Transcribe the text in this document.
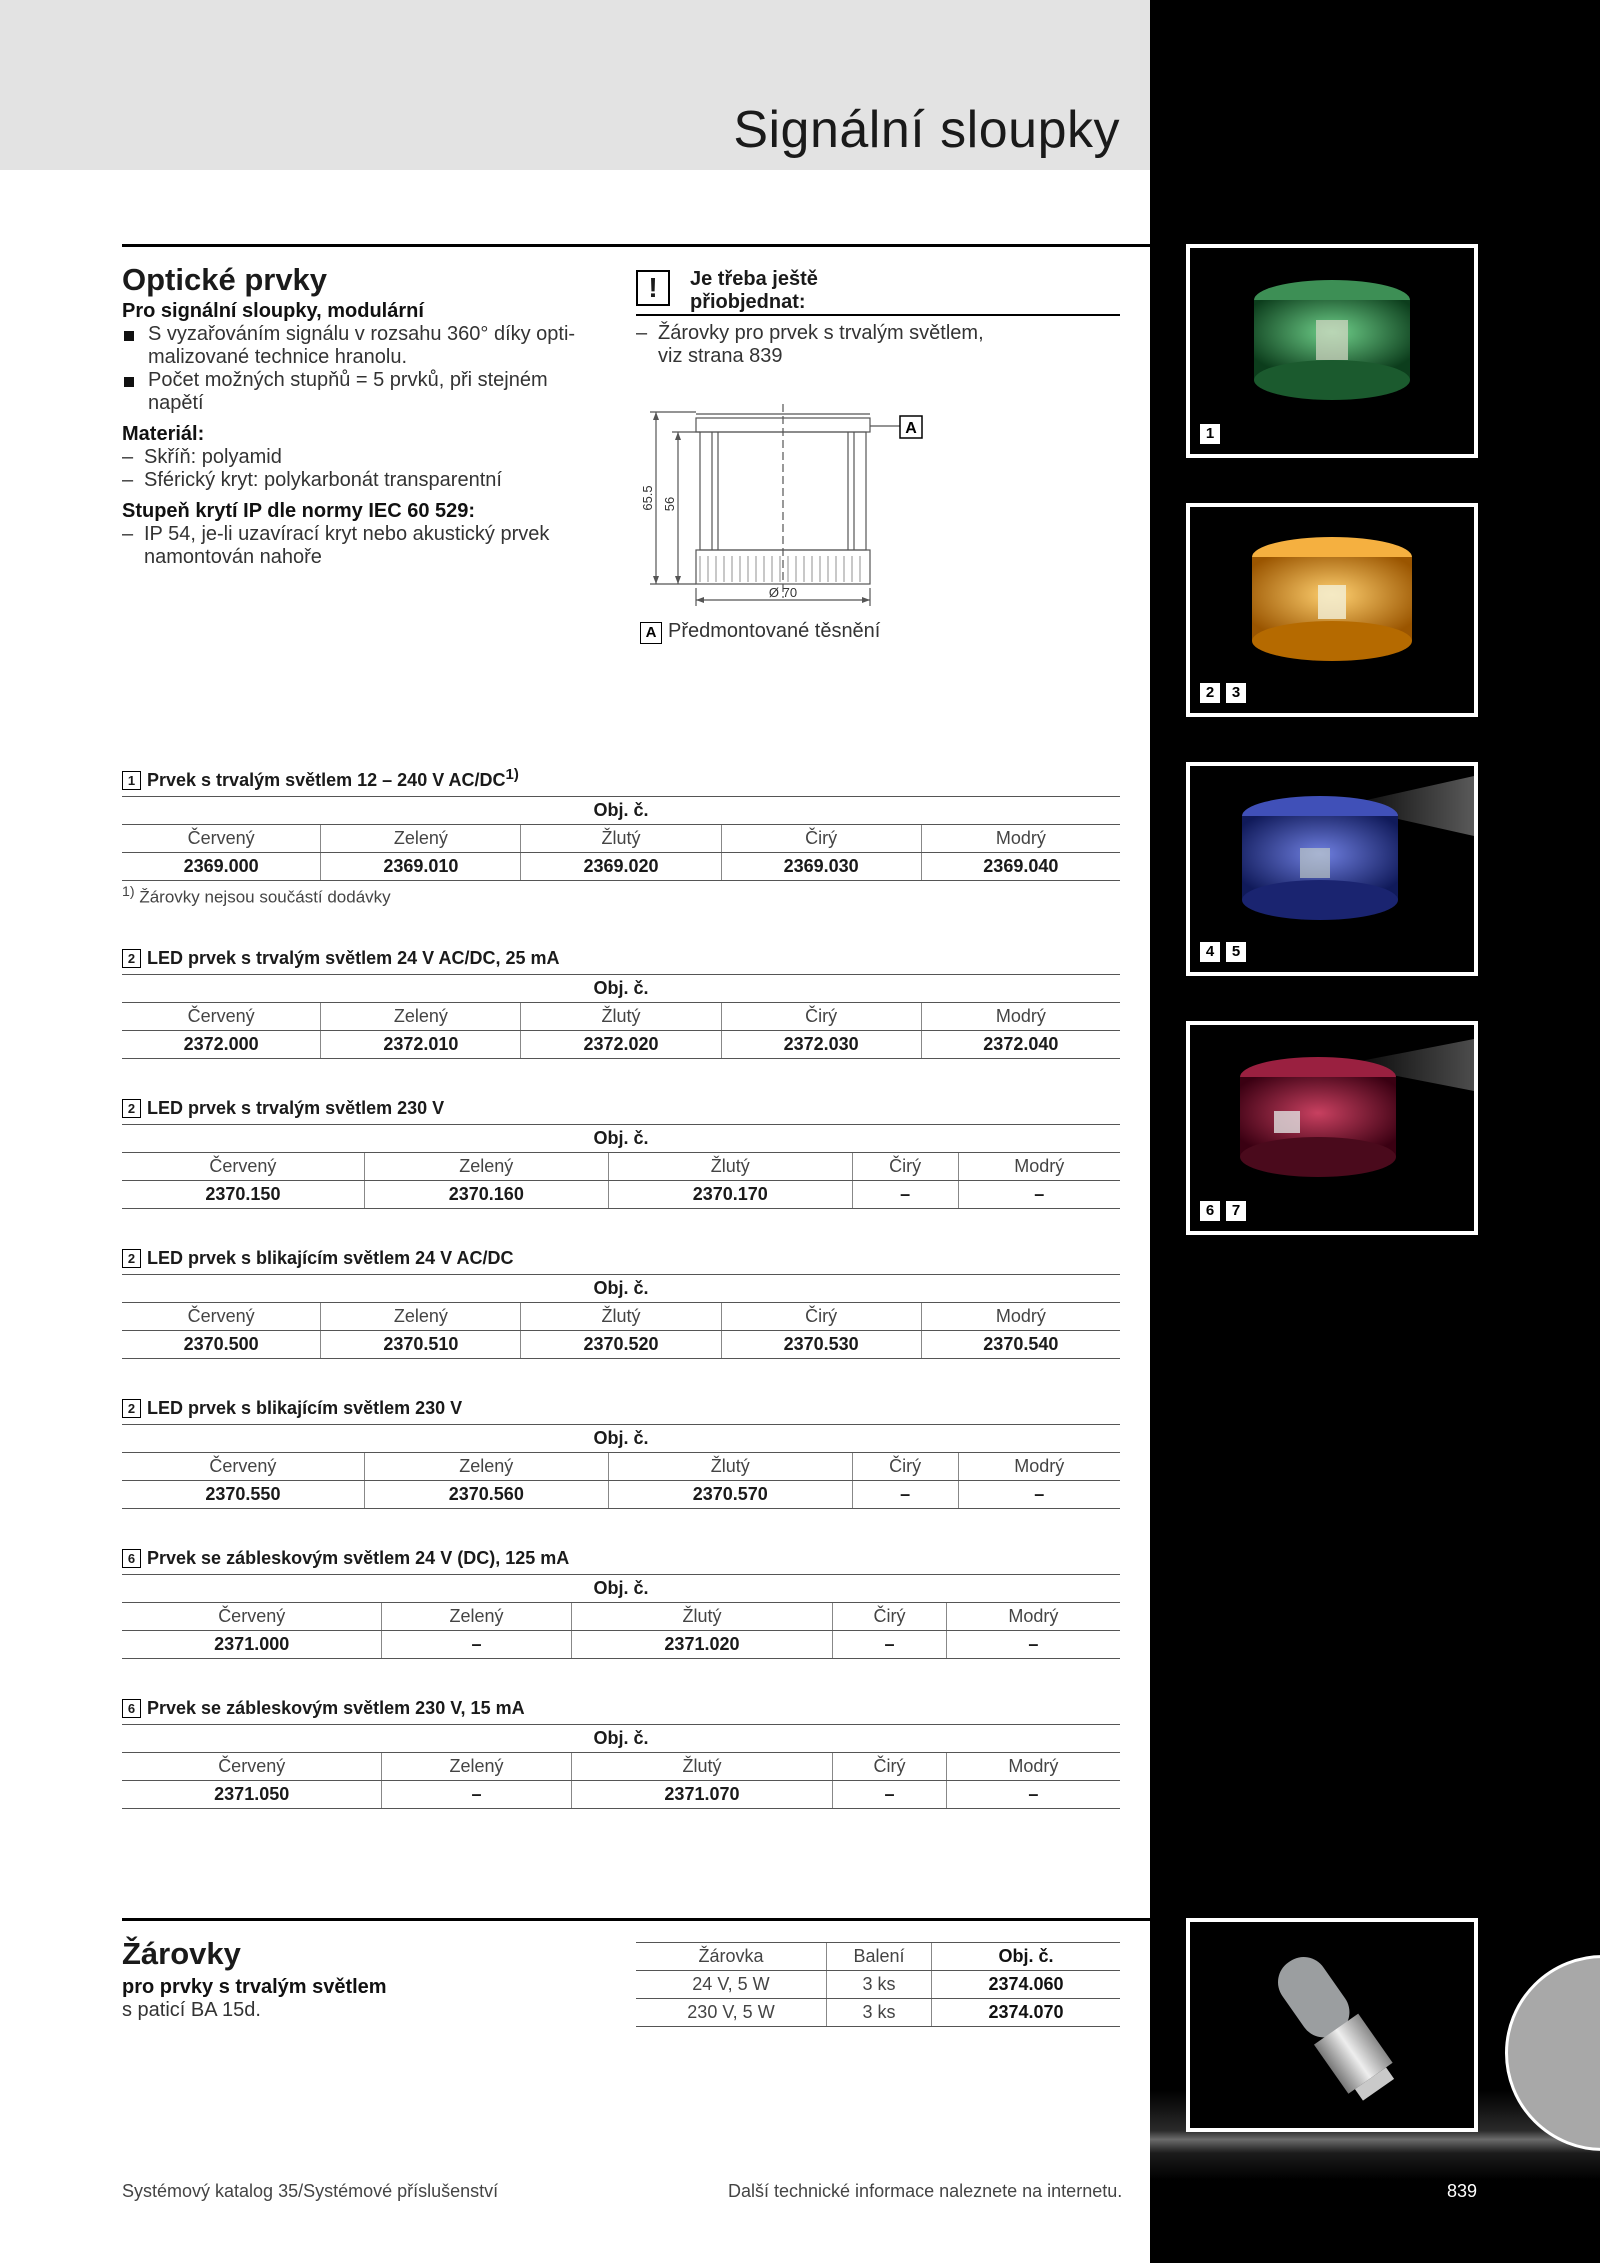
Signální sloupky
1
2	3
4	5
6	7
Optické prvky
Pro signální sloupky, modulární
S vyzařováním signálu v rozsahu 360° díky opti-malizované technice hranolu.
Počet možných stupňů = 5 prvků, při stejném napětí
Materiál:
– Skříň: polyamid
– Sférický kryt: polykarbonát transparentní
Stupeň krytí IP dle normy IEC 60 529:
– IP 54, je-li uzavírací kryt nebo akustický prvek namontován nahoře
!	Je třeba ještě
přiobjednat:
– Žárovky pro prvek s trvalým světlem,
viz strana 839
A
65.5 56
Ø 70
A Předmontované těsnění
1 Prvek s trvalým světlem 12 – 240 V AC/DC$^{1)}$
Obj. č.				
Červený	Zelený	Žlutý	Čirý	Modrý
2369.000	2369.010	2369.020	2369.030	2369.040
2 LED prvek s trvalým světlem 24 V AC/DC, 25 mA
Obj. č.				
Červený	Zelený	Žlutý	Čirý	Modrý
2372.000	2372.010	2372.020	2372.030	2372.040
2 LED prvek s trvalým světlem 230 V
Obj. č.				
Červený	Zelený	Žlutý	Čirý	Modrý
2370.150	2370.160	2370.170	–	–
2 LED prvek s blikajícím světlem 24 V AC/DC
Obj. č.				
Červený	Zelený	Žlutý	Čirý	Modrý
2370.500	2370.510	2370.520	2370.530	2370.540
2 LED prvek s blikajícím světlem 230 V
Obj. č.				
Červený	Zelený	Žlutý	Čirý	Modrý
2370.550	2370.560	2370.570	–	–
6 Prvek se zábleskovým světlem 24 V (DC), 125 mA
Obj. č.				
Červený	Zelený	Žlutý	Čirý	Modrý
2371.000	–	2371.020	–	–
6 Prvek se zábleskovým světlem 230 V, 15 mA
Obj. č.				
Červený	Zelený	Žlutý	Čirý	Modrý
2371.050	–	2371.070	–	–
$^{1)}$ Žárovky nejsou součástí dodávky
Žárovky
pro prvky s trvalým světlem
s paticí BA 15d.
Žárovka	Balení	Obj. č.
24 V, 5 W	3 ks	2374.060
230 V, 5 W	3 ks	2374.070
Systémový katalog 35/Systémové příslušenství	Další technické informace naleznete na internetu.	839
